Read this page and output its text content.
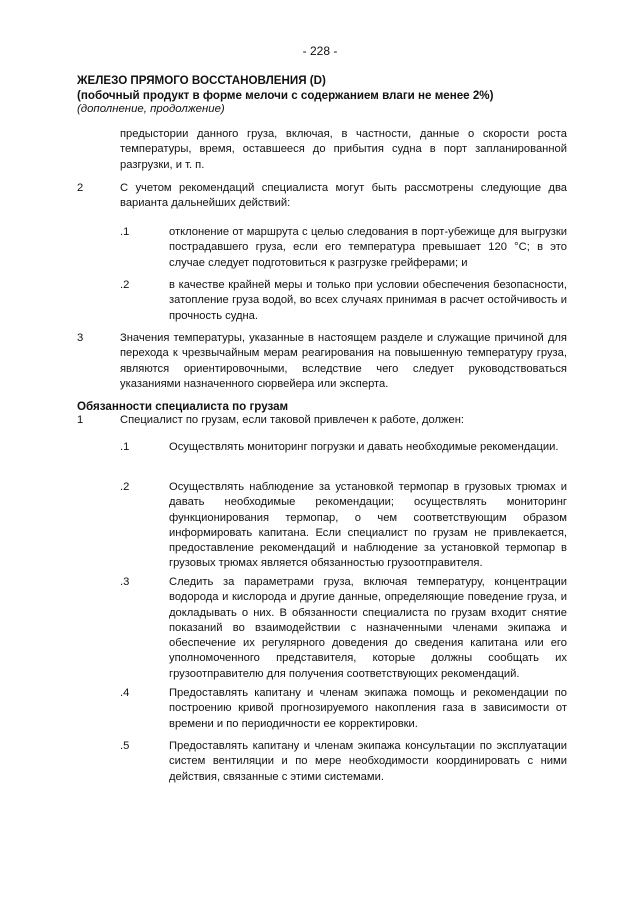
- 228 -
ЖЕЛЕЗО ПРЯМОГО ВОССТАНОВЛЕНИЯ (D)
(побочный продукт в форме мелочи с содержанием влаги не менее 2%)
(дополнение, продолжение)
предыстории данного груза, включая, в частности, данные о скорости роста температуры, время, оставшееся до прибытия судна в порт запланированной разгрузки, и т. п.
2	С учетом рекомендаций специалиста могут быть рассмотрены следующие два варианта дальнейших действий:
.1	отклонение от маршрута с целью следования в порт-убежище для выгрузки пострадавшего груза, если его температура превышает 120 °C; в это случае следует подготовиться к разгрузке грейферами; и
.2	в качестве крайней меры и только при условии обеспечения безопасности, затопление груза водой, во всех случаях принимая в расчет остойчивость и прочность судна.
3	Значения температуры, указанные в настоящем разделе и служащие причиной для перехода к чрезвычайным мерам реагирования на повышенную температуру груза, являются ориентировочными, вследствие чего следует руководствоваться указаниями назначенного сюрвейера или эксперта.
Обязанности специалиста по грузам
1	Специалист по грузам, если таковой привлечен к работе, должен:
.1	Осуществлять мониторинг погрузки и давать необходимые рекомендации.
.2	Осуществлять наблюдение за установкой термопар в грузовых трюмах и давать необходимые рекомендации; осуществлять мониторинг функционирования термопар, о чем соответствующим образом информировать капитана. Если специалист по грузам не привлекается, предоставление рекомендаций и наблюдение за установкой термопар в грузовых трюмах является обязанностью грузоотправителя.
.3	Следить за параметрами груза, включая температуру, концентрации водорода и кислорода и другие данные, определяющие поведение груза, и докладывать о них. В обязанности специалиста по грузам входит снятие показаний во взаимодействии с назначенными членами экипажа и обеспечение их регулярного доведения до сведения капитана или его уполномоченного представителя, которые должны сообщать их грузоотправителю для получения соответствующих рекомендаций.
.4	Предоставлять капитану и членам экипажа помощь и рекомендации по построению кривой прогнозируемого накопления газа в зависимости от времени и по периодичности ее корректировки.
.5	Предоставлять капитану и членам экипажа консультации по эксплуатации систем вентиляции и по мере необходимости координировать с ними действия, связанные с этими системами.
